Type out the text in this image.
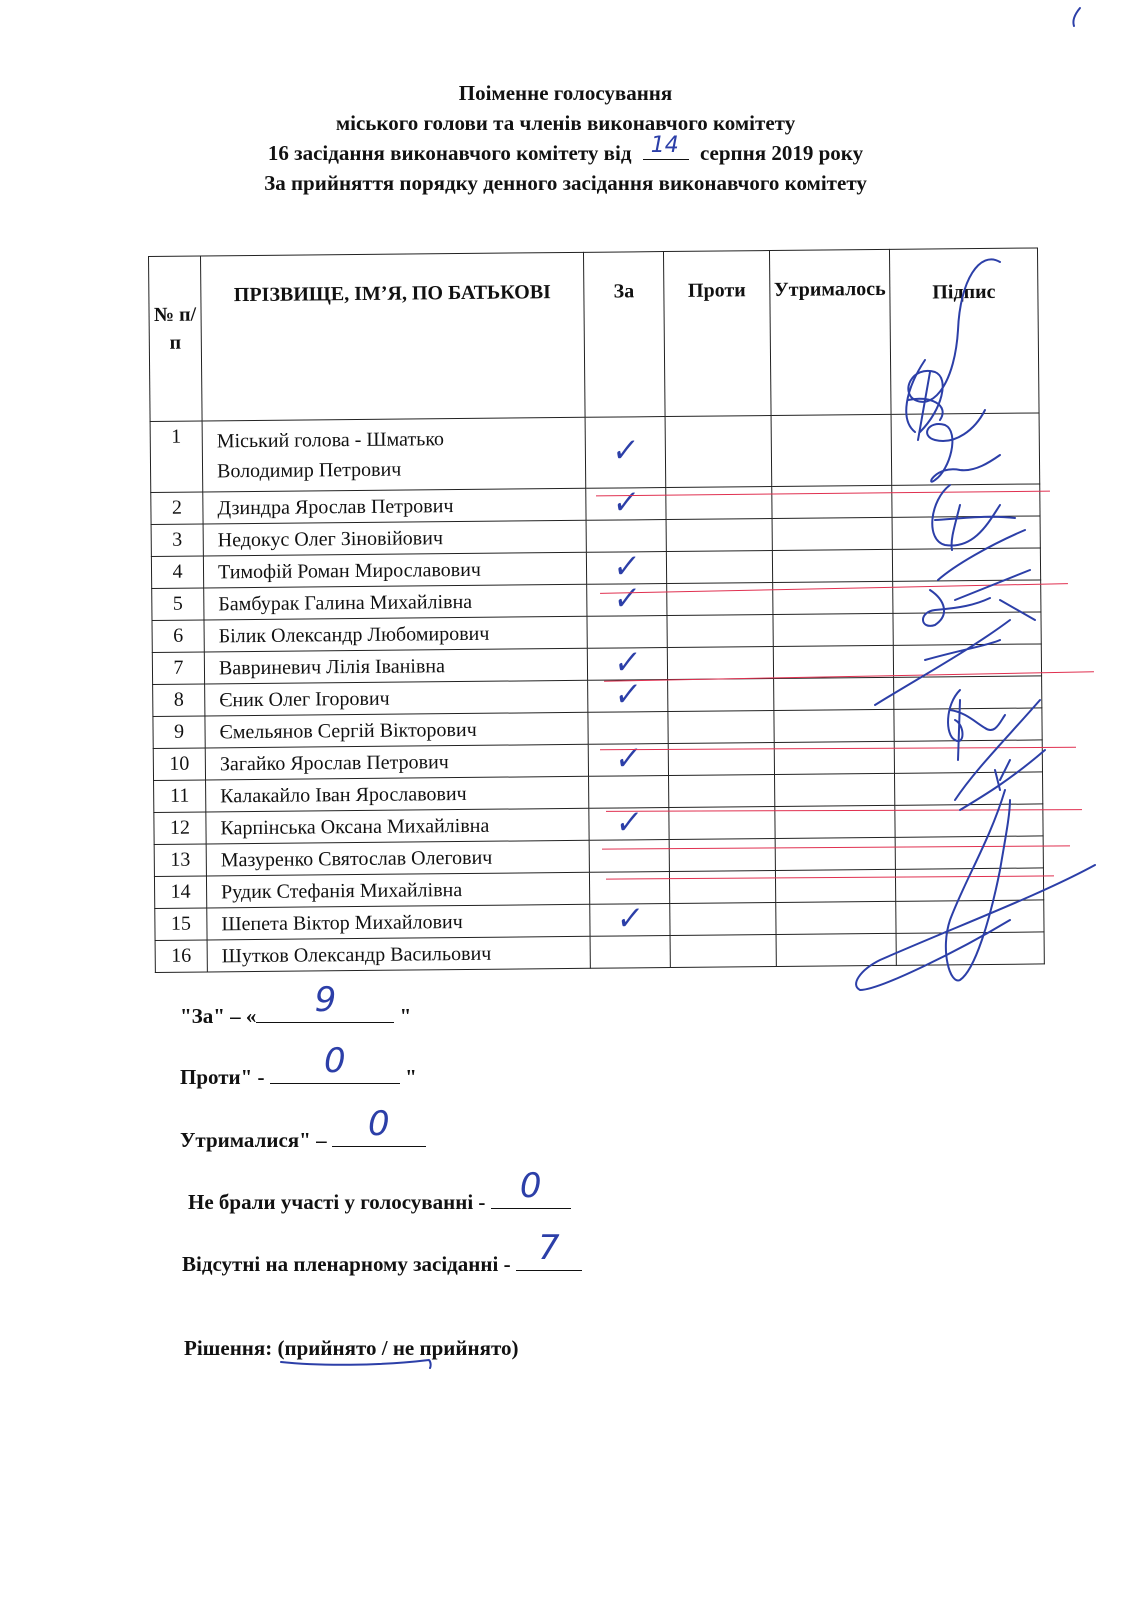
Поіменне голосування
міського голови та членів виконавчого комітету
16 засідання виконавчого комітету від 14 серпня 2019 року
За прийняття порядку денного засідання виконавчого комітету
№ п/п	ПРІЗВИЩЕ, ІМ’Я, ПО БАТЬКОВІ	За	Проти	Утрималось	Підпис
1	Міський голова - Шматько
Володимир Петрович	✓			
2	Дзиндра Ярослав Петрович	✓			
3	Недокус Олег Зіновійович				
4	Тимофій Роман Мирославович	✓			
5	Бамбурак Галина Михайлівна	✓			
6	Білик Олександр Любомирович				
7	Вавриневич Лілія Іванівна	✓			
8	Єник Олег Ігорович	✓			
9	Ємельянов Сергій Вікторович				
10	Загайко Ярослав Петрович	✓			
11	Калакайло Іван Ярославович				
12	Карпінська Оксана Михайлівна	✓			
13	Мазуренко Святослав Олегович				
14	Рудик Стефанія Михайлівна				
15	Шепета Віктор Михайлович	✓			
16	Шутков Олександр Васильович				
"За" – « 9	"
Проти" - 0	"
Утрималися" – 0
Не брали участі у голосуванні - 0
Відсутні на пленарному засіданні - 7
Рішення: (прийнято
/ не прийнято)
